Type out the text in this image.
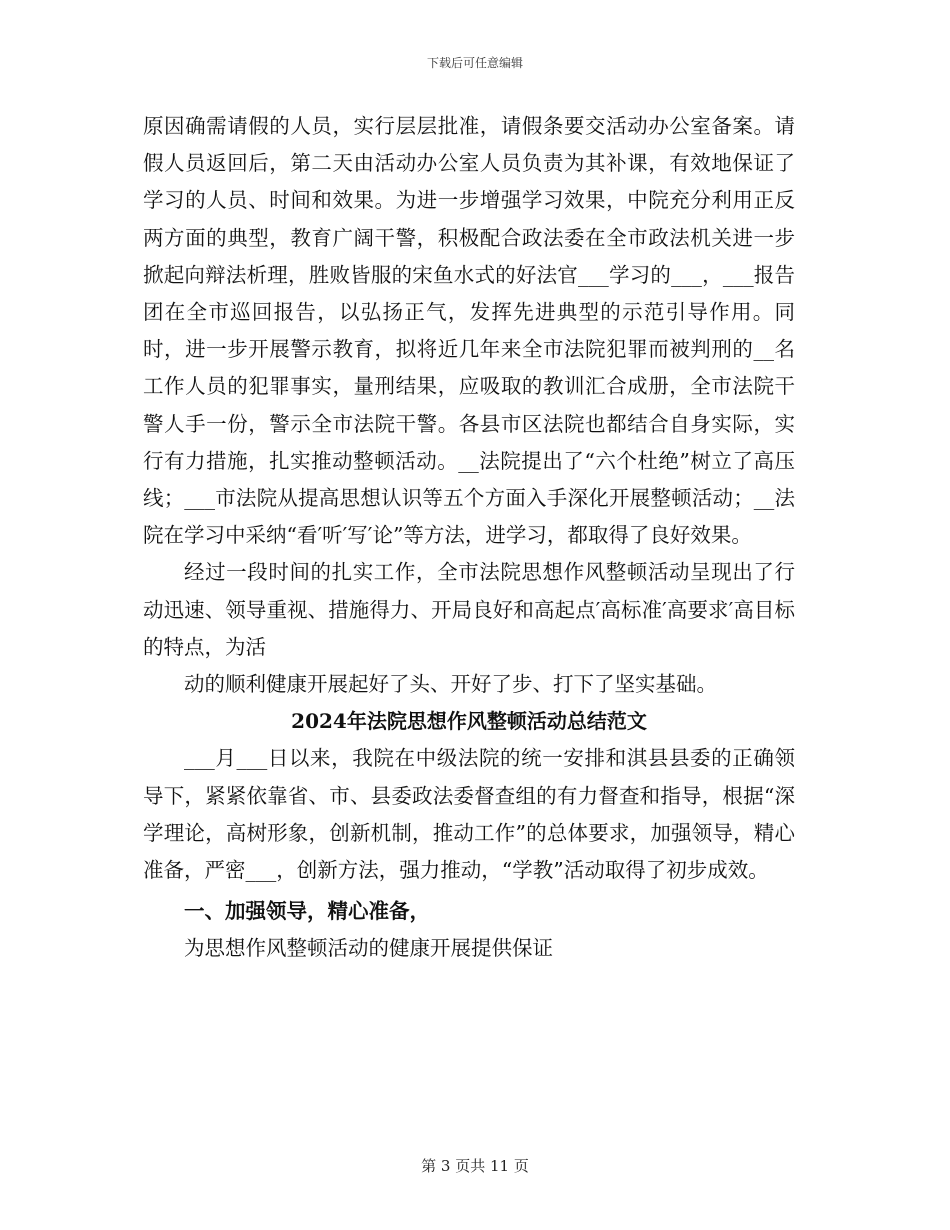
下载后可任意编辑

原因确需请假的人员，实行层层批准，请假条要交活动办公室备案。请假人员返回后，第二天由活动办公室人员负责为其补课，有效地保证了学习的人员、时间和效果。为进一步增强学习效果，中院充分利用正反两方面的典型，教育广阔干警，积极配合政法委在全市政法机关进一步掀起向辩法析理，胜败皆服的宋鱼水式的好法官___学习的___，___报告团在全市巡回报告，以弘扬正气，发挥先进典型的示范引导作用。同时，进一步开展警示教育，拟将近几年来全市法院犯罪而被判刑的__名工作人员的犯罪事实，量刑结果，应吸取的教训汇合成册，全市法院干警人手一份，警示全市法院干警。各县市区法院也都结合自身实际，实行有力措施，扎实推动整顿活动。__法院提出了“六个杜绝”树立了高压线；___市法院从提高思想认识等五个方面入手深化开展整顿活动；__法院在学习中采纳“看′听′写′论”等方法，进学习，都取得了良好效果。

经过一段时间的扎实工作，全市法院思想作风整顿活动呈现出了行动迅速、领导重视、措施得力、开局良好和高起点′高标准′高要求′高目标的特点，为活

动的顺利健康开展起好了头、开好了步、打下了坚实基础。

2024年法院思想作风整顿活动总结范文

___月___日以来，我院在中级法院的统一安排和淇县县委的正确领导下，紧紧依靠省、市、县委政法委督查组的有力督查和指导，根据“深学理论，高树形象，创新机制，推动工作”的总体要求，加强领导，精心准备，严密___，创新方法，强力推动，“学教”活动取得了初步成效。

一、加强领导，精心准备，

为思想作风整顿活动的健康开展提供保证

第 3 页共 11 页
